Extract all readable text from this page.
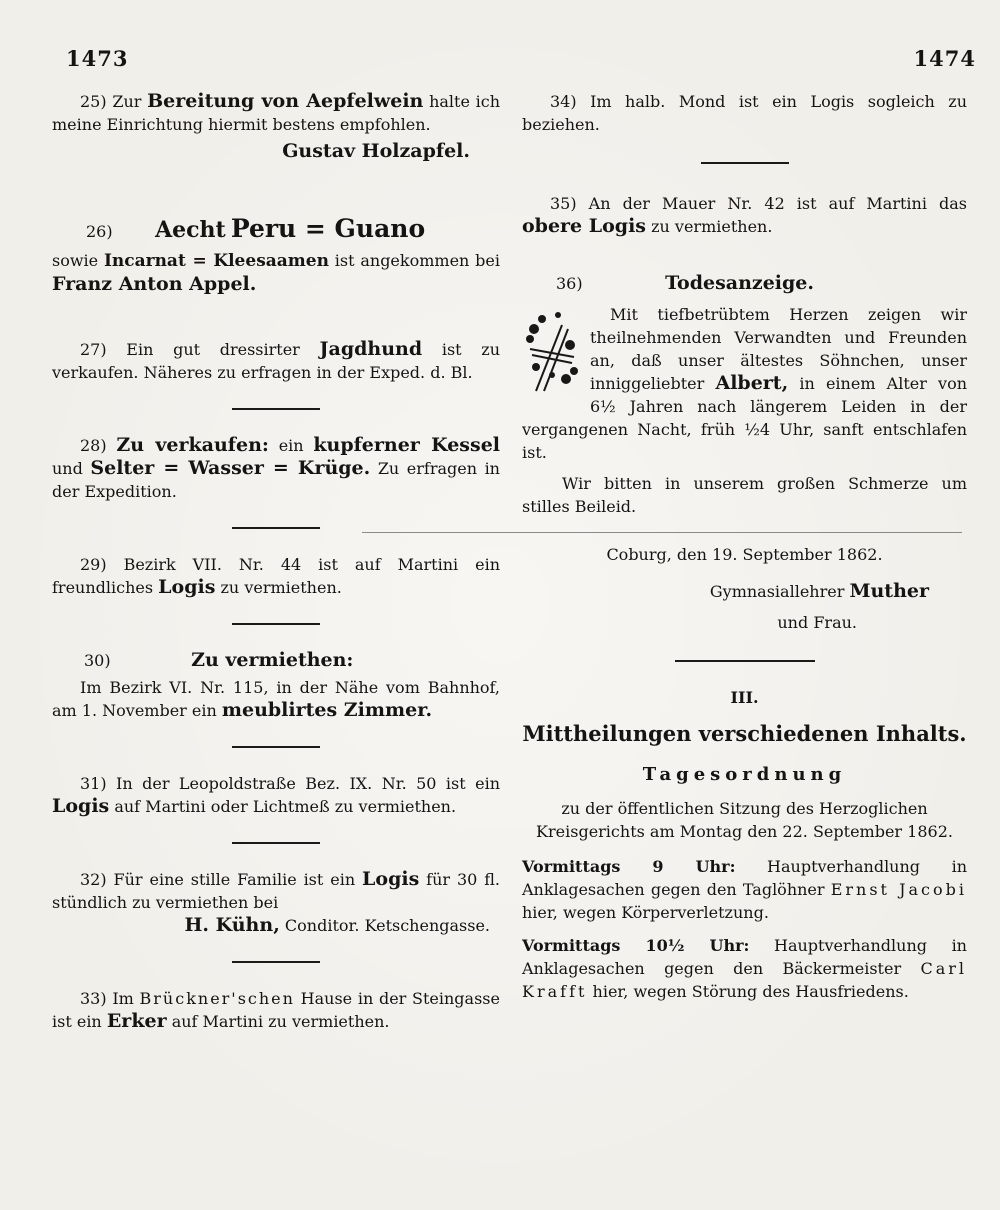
1473	1474

25) Zur Bereitung von Aepfelwein halte ich meine Einrichtung hiermit bestens empfohlen.

Gustav Holzapfel.

26) Aecht Peru = Guano

sowie Incarnat = Kleesaamen ist angekommen bei Franz Anton Appel.

27) Ein gut dressirter Jagdhund ist zu verkaufen. Näheres zu erfragen in der Exped. d. Bl.

28) Zu verkaufen: ein kupferner Kessel und Selter = Wasser = Krüge. Zu erfragen in der Expedition.

29) Bezirk VII. Nr. 44 ist auf Martini ein freundliches Logis zu vermiethen.

30)	Zu vermiethen:

Im Bezirk VI. Nr. 115, in der Nähe vom Bahnhof, am 1. November ein meublirtes Zimmer.

31) In der Leopoldstraße Bez. IX. Nr. 50 ist ein Logis auf Martini oder Lichtmeß zu vermiethen.

32) Für eine stille Familie ist ein Logis für 30 fl. stündlich zu vermiethen bei

H. Kühn, Conditor. Ketschengasse.

33) Im Brückner'schen Hause in der Steingasse ist ein Erker auf Martini zu vermiethen.

34) Im halb. Mond ist ein Logis sogleich zu beziehen.

35) An der Mauer Nr. 42 ist auf Martini das obere Logis zu vermiethen.

36)	Todesanzeige.

Mit tiefbetrübtem Herzen zeigen wir theilnehmenden Verwandten und Freunden an, daß unser ältestes Söhnchen, unser inniggeliebter Albert, in einem Alter von 6½ Jahren nach längerem Leiden in der vergangenen Nacht, früh ½4 Uhr, sanft entschlafen ist.

Wir bitten in unserem großen Schmerze um stilles Beileid.

Coburg, den 19. September 1862.

Gymnasiallehrer Muther

und Frau.

III.
Mittheilungen verschiedenen Inhalts.
Tagesordnung
zu der öffentlichen Sitzung des Herzoglichen Kreisgerichts am Montag den 22. September 1862.

Vormittags 9 Uhr: Hauptverhandlung in Anklagesachen gegen den Taglöhner Ernst Jacobi hier, wegen Körperverletzung.

Vormittags 10½ Uhr: Hauptverhandlung in Anklagesachen gegen den Bäckermeister Carl Krafft hier, wegen Störung des Hausfriedens.
